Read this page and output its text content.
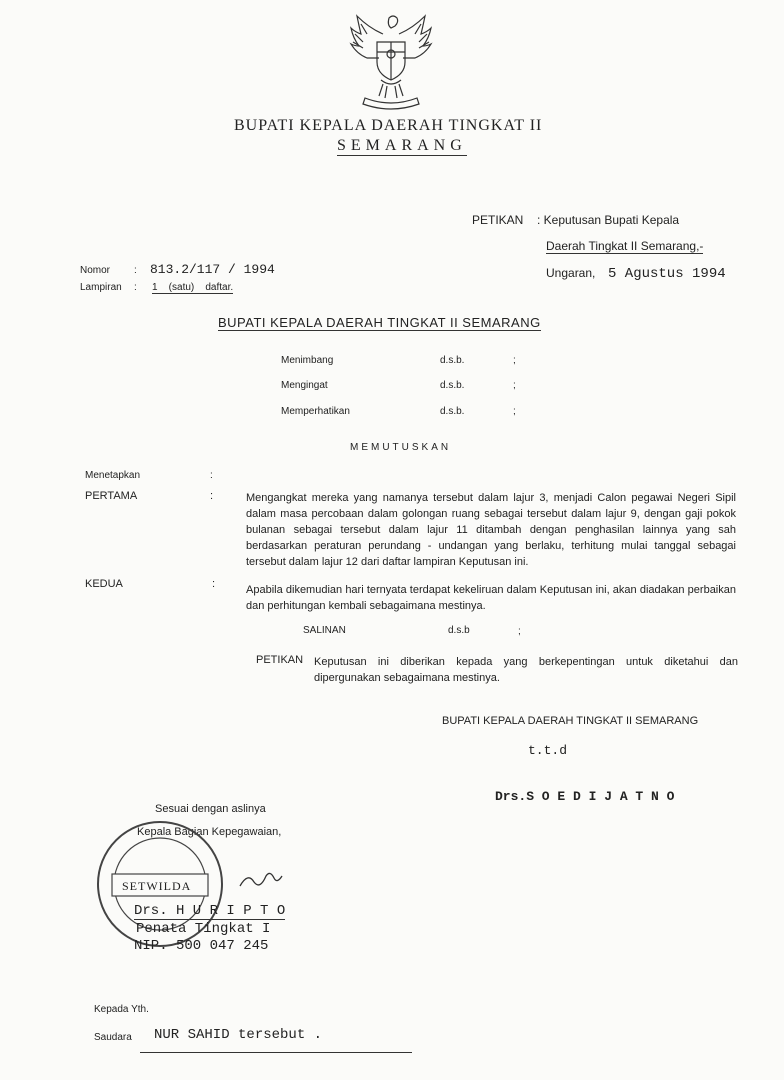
BUPATI KEPALA DAERAH TINGKAT II
SEMARANG
PETIKAN : Keputusan Bupati Kepala
Daerah Tingkat II Semarang,-
Ungaran, 5 Agustus 1994
Nomor : 813.2/117 / 1994
Lampiran : 1    (satu)    daftar.
BUPATI KEPALA DAERAH TINGKAT II SEMARANG
Menimbang	d.s.b.	;
Mengingat	d.s.b.	;
Memperhatikan	d.s.b.	;
MEMUTUSKAN
Menetapkan	:
PERTAMA	:	Mengangkat mereka yang namanya tersebut dalam lajur 3, menjadi Calon pegawai Negeri Sipil dalam masa percobaan dalam golongan ruang sebagai tersebut dalam lajur 9, dengan gaji pokok bulanan sebagai tersebut dalam lajur 11 ditambah dengan penghasilan lainnya yang sah berdasarkan peraturan perundang - undangan yang berlaku, terhitung mulai tanggal sebagai tersebut dalam lajur 12 dari daftar lampiran Keputusan ini.
KEDUA	:	Apabila dikemudian hari ternyata terdapat kekeliruan dalam Keputusan ini, akan diadakan perbaikan dan perhitungan kembali sebagaimana mestinya.
SALINAN	d.s.b	;
PETIKAN Keputusan ini diberikan kepada yang berkepentingan untuk diketahui dan dipergunakan sebagaimana mestinya.
BUPATI KEPALA DAERAH TINGKAT II SEMARANG
t.t.d
Drs.S O E D I J A T N O
Sesuai dengan aslinya
Kepala Bagian Kepegawaian,
SETWILDA
Drs. H U R I P T O
Penata Tingkat I
NIP. 500 047 245
Kepada Yth.
Saudara NUR SAHID tersebut .
